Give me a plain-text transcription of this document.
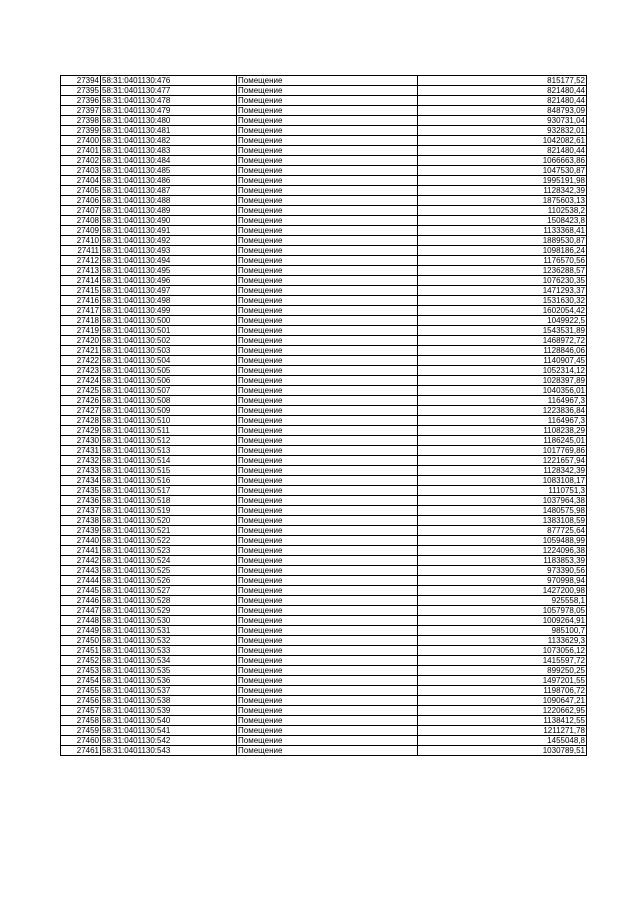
27394	58:31:0401130:476	Помещение	815177,52
27395	58:31:0401130:477	Помещение	821480,44
27396	58:31:0401130:478	Помещение	821480,44
27397	58:31:0401130:479	Помещение	848793,09
27398	58:31:0401130:480	Помещение	930731,04
27399	58:31:0401130:481	Помещение	932832,01
27400	58:31:0401130:482	Помещение	1042082,61
27401	58:31:0401130:483	Помещение	821480,44
27402	58:31:0401130:484	Помещение	1066663,86
27403	58:31:0401130:485	Помещение	1047530,87
27404	58:31:0401130:486	Помещение	1995191,98
27405	58:31:0401130:487	Помещение	1128342,39
27406	58:31:0401130:488	Помещение	1875603,13
27407	58:31:0401130:489	Помещение	1102538,2
27408	58:31:0401130:490	Помещение	1508423,8
27409	58:31:0401130:491	Помещение	1133368,41
27410	58:31:0401130:492	Помещение	1889530,87
27411	58:31:0401130:493	Помещение	1098186,24
27412	58:31:0401130:494	Помещение	1176570,56
27413	58:31:0401130:495	Помещение	1236288,57
27414	58:31:0401130:496	Помещение	1076230,35
27415	58:31:0401130:497	Помещение	1471293,37
27416	58:31:0401130:498	Помещение	1531630,32
27417	58:31:0401130:499	Помещение	1602054,42
27418	58:31:0401130:500	Помещение	1049922,5
27419	58:31:0401130:501	Помещение	1543531,89
27420	58:31:0401130:502	Помещение	1468972,72
27421	58:31:0401130:503	Помещение	1128846,06
27422	58:31:0401130:504	Помещение	1140907,45
27423	58:31:0401130:505	Помещение	1052314,12
27424	58:31:0401130:506	Помещение	1028397,89
27425	58:31:0401130:507	Помещение	1040356,01
27426	58:31:0401130:508	Помещение	1164967,3
27427	58:31:0401130:509	Помещение	1223836,84
27428	58:31:0401130:510	Помещение	1164967,3
27429	58:31:0401130:511	Помещение	1108238,29
27430	58:31:0401130:512	Помещение	1186245,01
27431	58:31:0401130:513	Помещение	1017769,86
27432	58:31:0401130:514	Помещение	1221657,94
27433	58:31:0401130:515	Помещение	1128342,39
27434	58:31:0401130:516	Помещение	1083108,17
27435	58:31:0401130:517	Помещение	1110751,3
27436	58:31:0401130:518	Помещение	1037964,38
27437	58:31:0401130:519	Помещение	1480575,98
27438	58:31:0401130:520	Помещение	1383108,59
27439	58:31:0401130:521	Помещение	877725,64
27440	58:31:0401130:522	Помещение	1059488,99
27441	58:31:0401130:523	Помещение	1224096,38
27442	58:31:0401130:524	Помещение	1183853,39
27443	58:31:0401130:525	Помещение	973390,56
27444	58:31:0401130:526	Помещение	970998,94
27445	58:31:0401130:527	Помещение	1427200,98
27446	58:31:0401130:528	Помещение	925558,1
27447	58:31:0401130:529	Помещение	1057978,05
27448	58:31:0401130:530	Помещение	1009264,91
27449	58:31:0401130:531	Помещение	985100,7
27450	58:31:0401130:532	Помещение	1133629,3
27451	58:31:0401130:533	Помещение	1073056,12
27452	58:31:0401130:534	Помещение	1415597,72
27453	58:31:0401130:535	Помещение	899250,25
27454	58:31:0401130:536	Помещение	1497201,55
27455	58:31:0401130:537	Помещение	1198706,72
27456	58:31:0401130:538	Помещение	1090647,21
27457	58:31:0401130:539	Помещение	1220662,95
27458	58:31:0401130:540	Помещение	1138412,55
27459	58:31:0401130:541	Помещение	1211271,78
27460	58:31:0401130:542	Помещение	1455048,8
27461	58:31:0401130:543	Помещение	1030789,51
